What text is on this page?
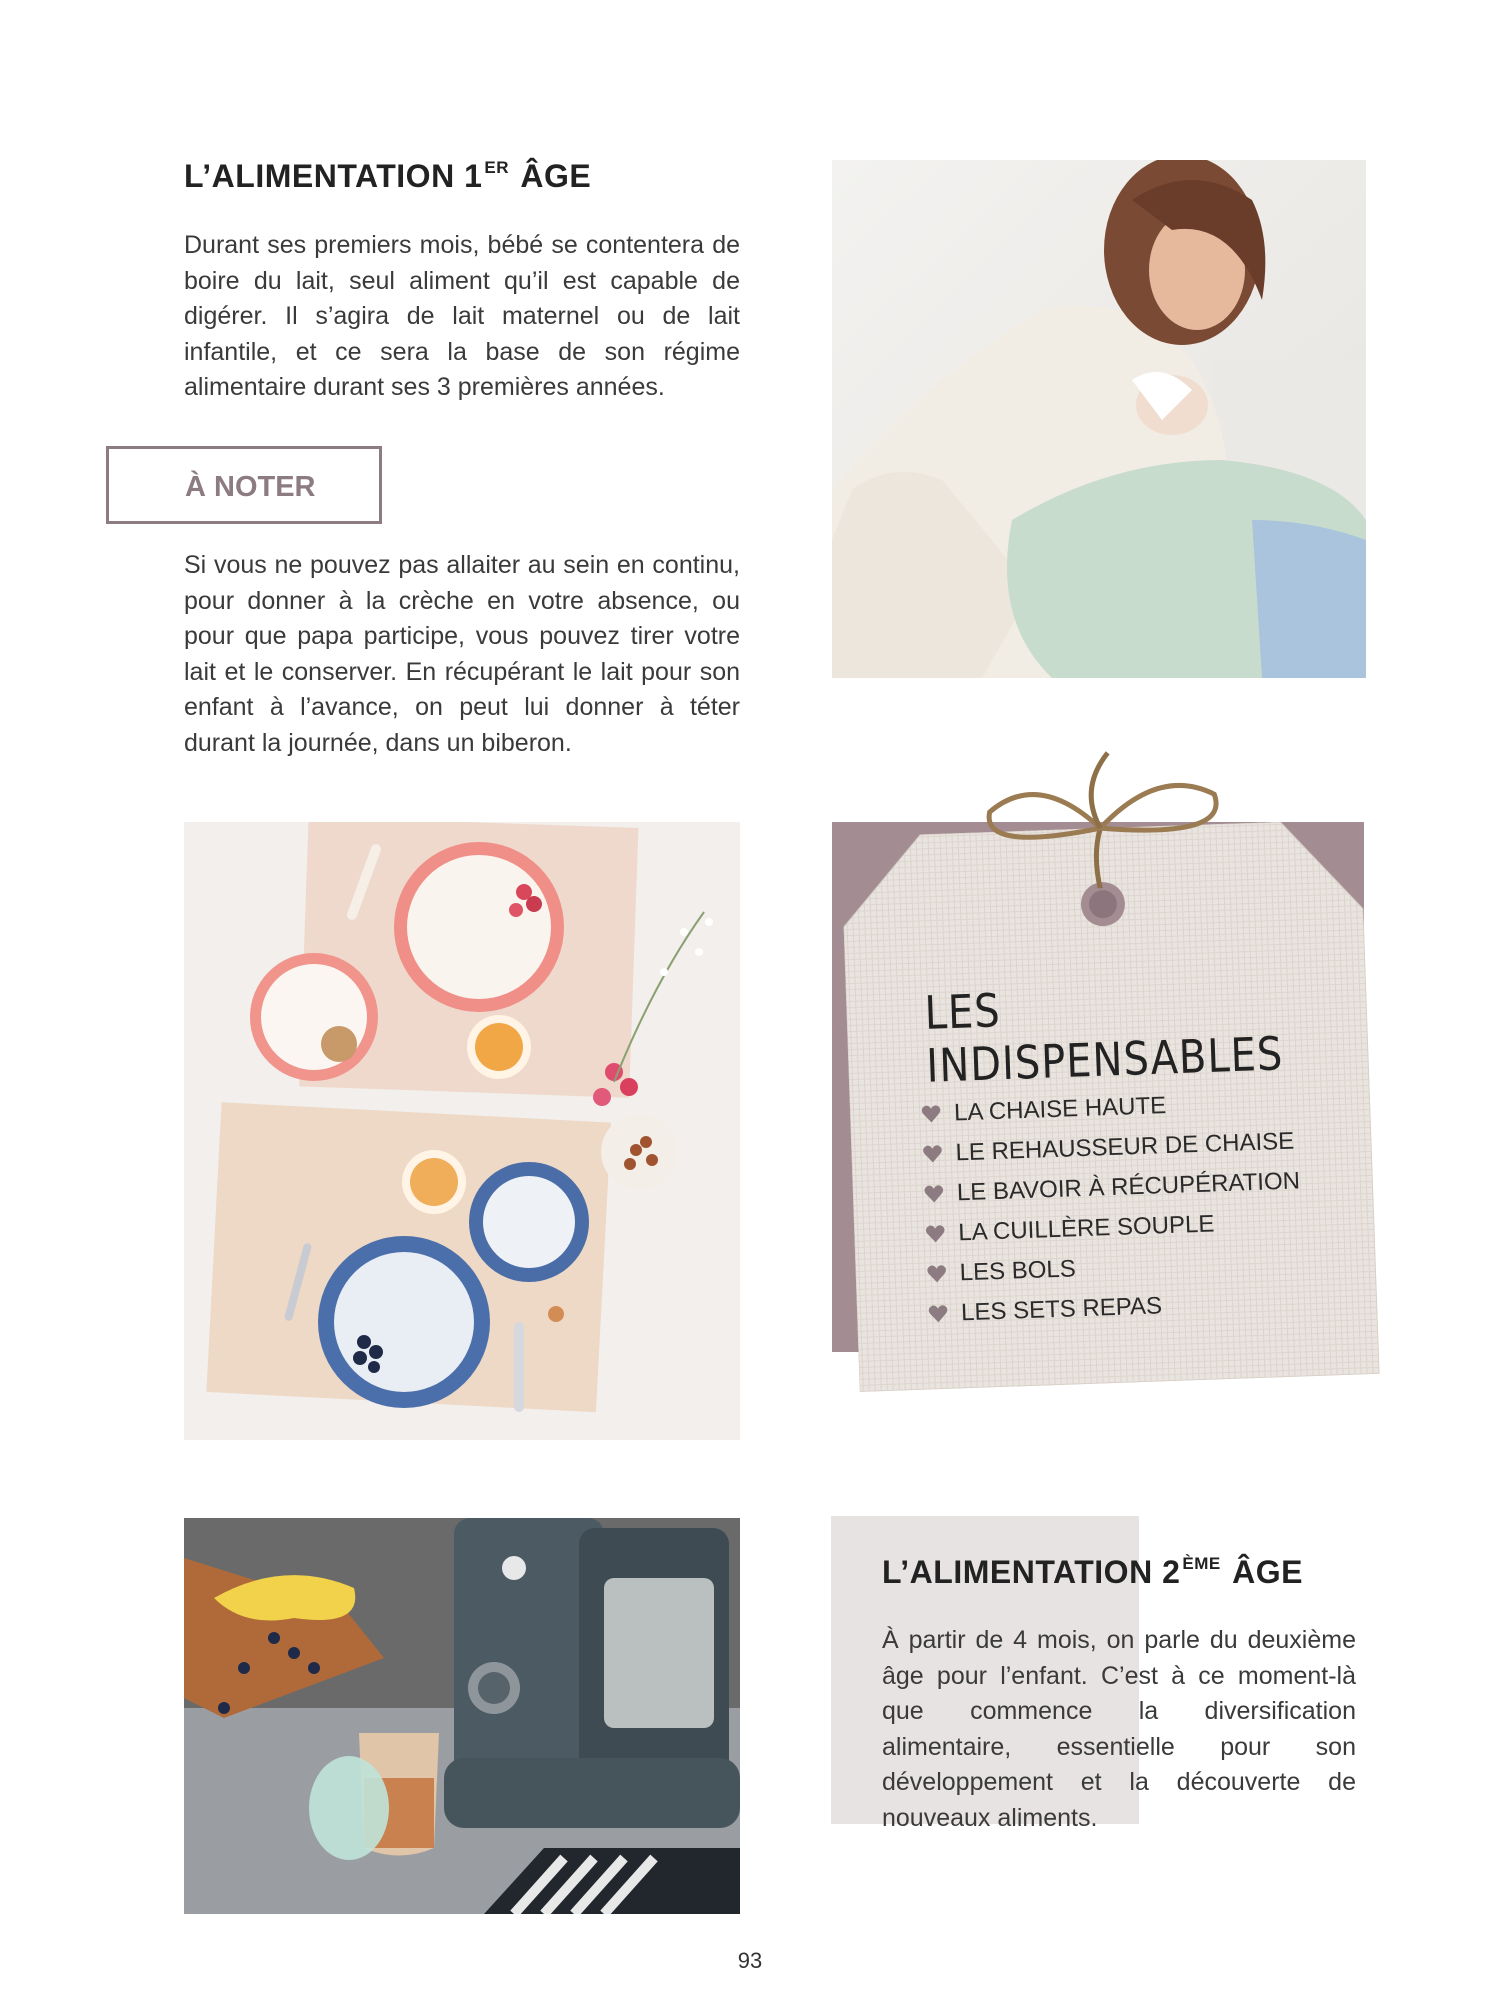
L’ALIMENTATION 1 $^{ER}$ ÂGE

Durant ses premiers mois, bébé se contentera de boire du lait, seul aliment qu’il est capable de digérer. Il s’agira de lait maternel ou de lait infantile, et ce sera la base de son régime alimentaire durant ses 3 premières années.

À NOTER

Si vous ne pouvez pas allaiter au sein en continu, pour donner à la crèche en votre absence, ou pour que papa participe, vous pouvez tirer votre lait et le conserver. En récupérant le lait pour son enfant à l’avance, on peut lui donner à téter durant la journée, dans un biberon.

LES INDISPENSABLES
LA CHAISE HAUTE
LE REHAUSSEUR DE CHAISE
LE BAVOIR À RÉCUPÉRATION
LA CUILLÈRE SOUPLE
LES BOLS
LES SETS REPAS
L’ALIMENTATION 2 $^{ÈME}$ ÂGE

À partir de 4 mois, on parle du deuxième âge pour l’enfant. C’est à ce moment-là que commence la diversification alimentaire, essentielle pour son développement et la découverte de nouveaux aliments.

93
